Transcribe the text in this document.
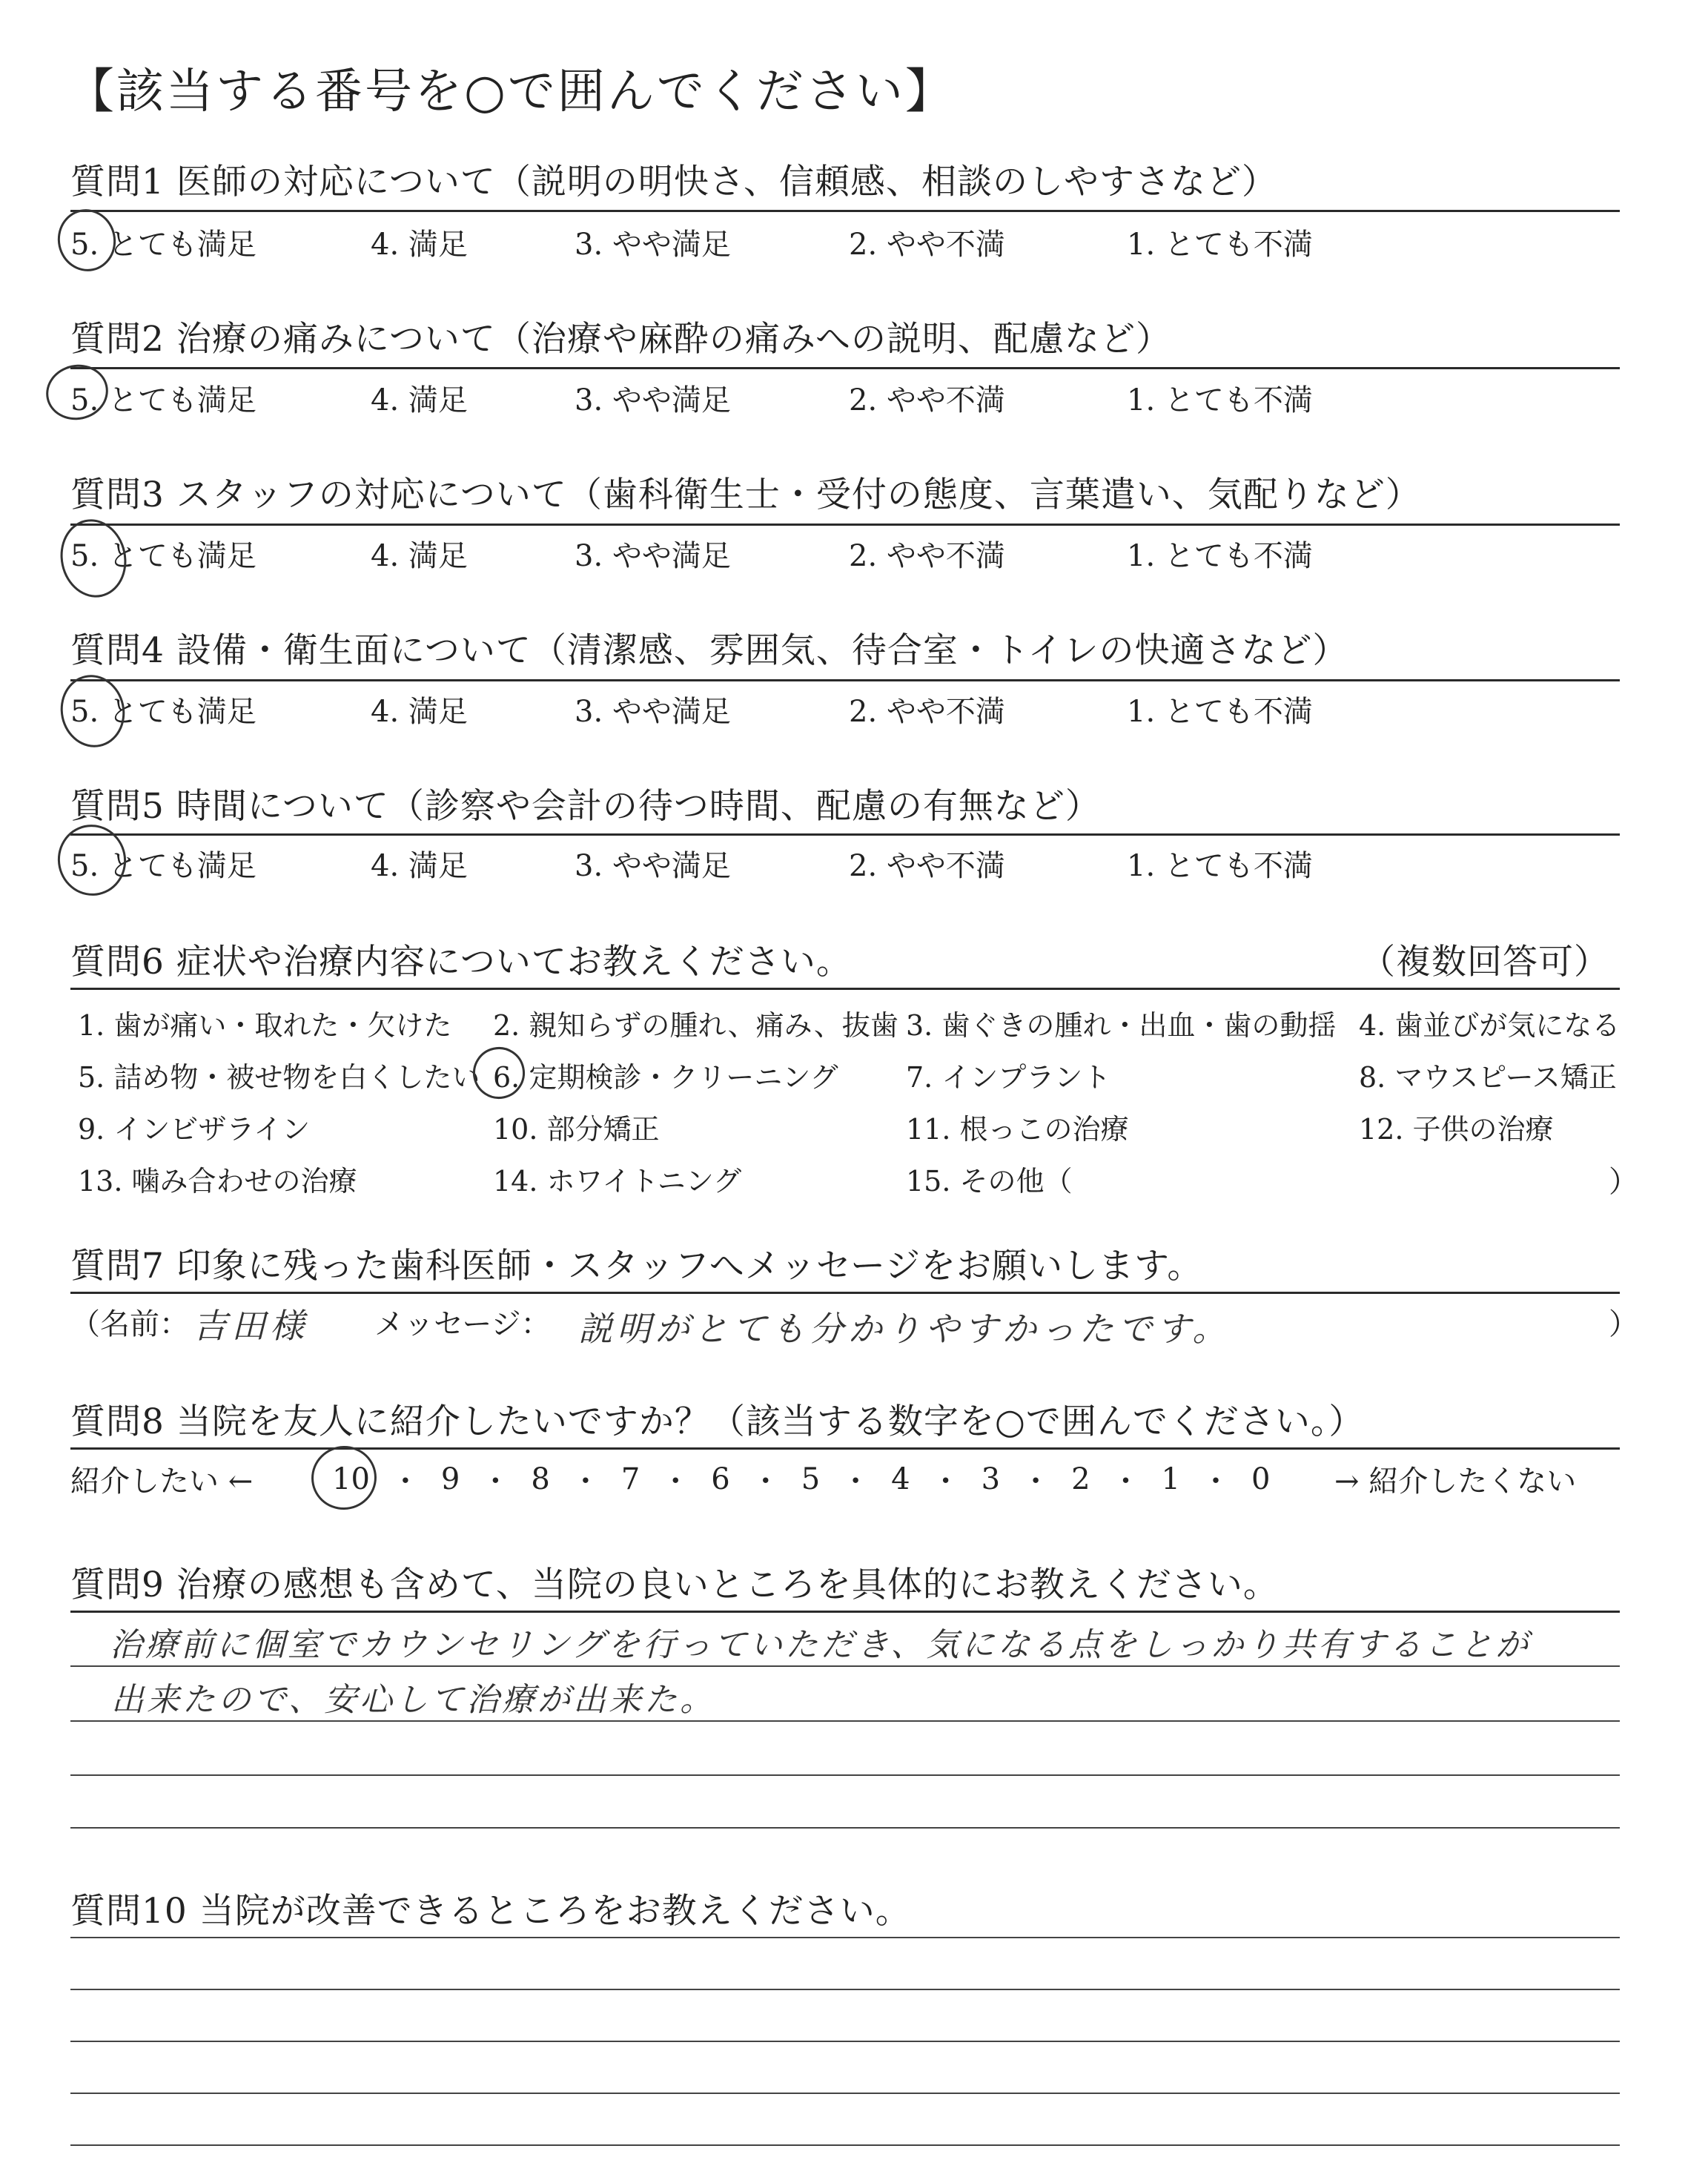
【該当する番号を○で囲んでください】
質問1 医師の対応について（説明の明快さ、信頼感、相談のしやすさなど）
5. とても満足	4. 満足	3. やや満足	2. やや不満	1. とても不満
質問2 治療の痛みについて（治療や麻酔の痛みへの説明、配慮など）
5. とても満足	4. 満足	3. やや満足	2. やや不満	1. とても不満
質問3 スタッフの対応について（歯科衛生士・受付の態度、言葉遣い、気配りなど）
5. とても満足	4. 満足	3. やや満足	2. やや不満	1. とても不満
質問4 設備・衛生面について（清潔感、雰囲気、待合室・トイレの快適さなど）
5. とても満足	4. 満足	3. やや満足	2. やや不満	1. とても不満
質問5 時間について（診察や会計の待つ時間、配慮の有無など）
5. とても満足	4. 満足	3. やや満足	2. やや不満	1. とても不満
質問6 症状や治療内容についてお教えください。	（複数回答可）
1. 歯が痛い・取れた・欠けた 2. 親知らずの腫れ、痛み、抜歯 3. 歯ぐきの腫れ・出血・歯の動揺 4. 歯並びが気になる
5. 詰め物・被せ物を白くしたい 6. 定期検診・クリーニング 7. インプラント	8. マウスピース矯正
9. インビザライン	10. 部分矯正	11. 根っこの治療	12. 子供の治療
13. 噛み合わせの治療	14. ホワイトニング	15. その他（	）
質問7 印象に残った歯科医師・スタッフへメッセージをお願いします。
（名前： 吉田様 メッセージ： 説明がとても分かりやすかったです。	）
質問8 当院を友人に紹介したいですか？（該当する数字を○で囲んでください。）
紹介したい ←	10 ・ 9 ・ 8 ・ 7 ・ 6 ・ 5 ・ 4 ・ 3 ・ 2 ・ 1 ・ 0 → 紹介したくない
質問9 治療の感想も含めて、当院の良いところを具体的にお教えください。
治療前に個室でカウンセリングを行っていただき、気になる点をしっかり共有することが
出来たので、安心して治療が出来た。
質問10 当院が改善できるところをお教えください。
